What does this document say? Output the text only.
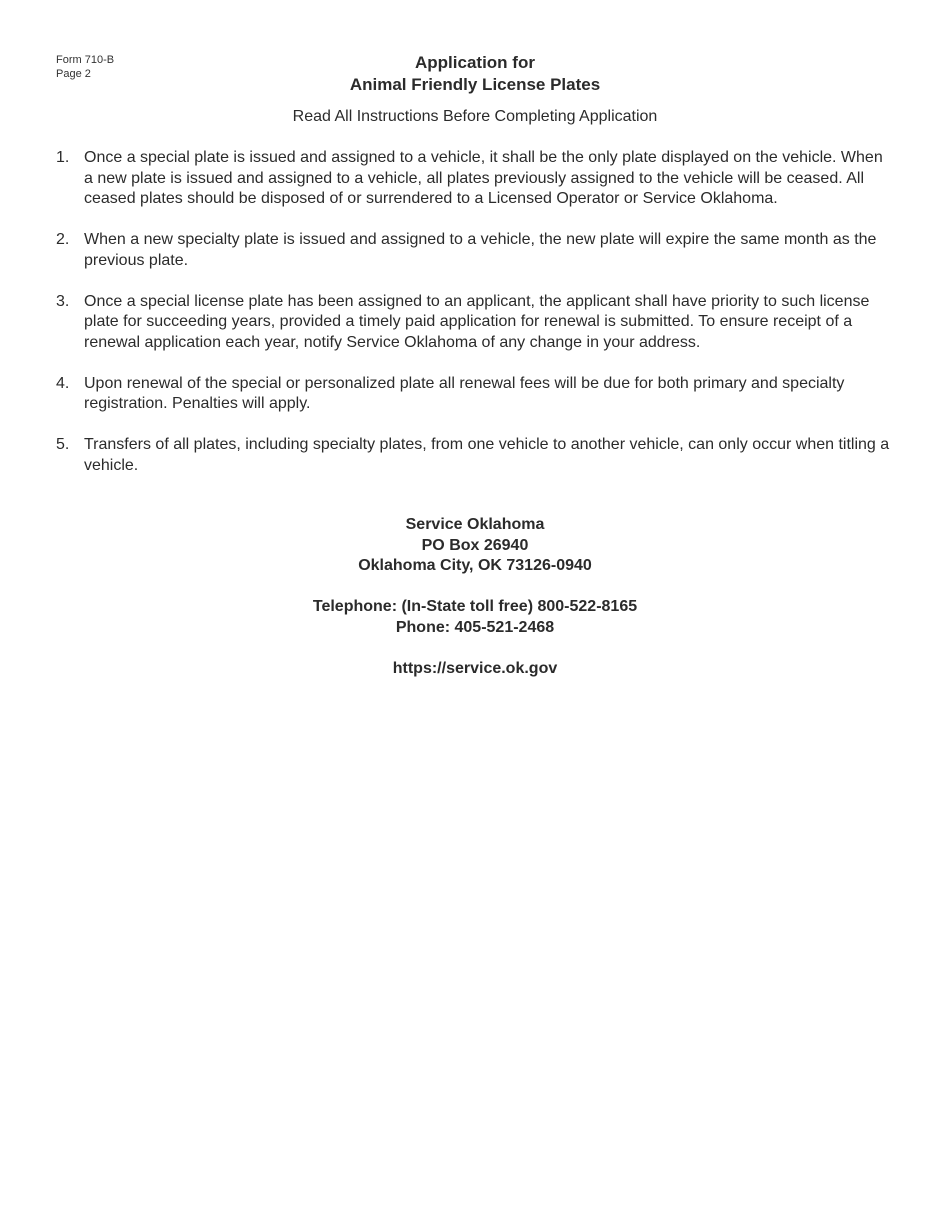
Form 710-B
Page 2
Application for
Animal Friendly License Plates
Read All Instructions Before Completing Application
1. Once a special plate is issued and assigned to a vehicle, it shall be the only plate displayed on the vehicle. When a new plate is issued and assigned to a vehicle, all plates previously assigned to the vehicle will be ceased. All ceased plates should be disposed of or surrendered to a Licensed Operator or Service Oklahoma.
2. When a new specialty plate is issued and assigned to a vehicle, the new plate will expire the same month as the previous plate.
3. Once a special license plate has been assigned to an applicant, the applicant shall have priority to such license plate for succeeding years, provided a timely paid application for renewal is submitted. To ensure receipt of a renewal application each year, notify Service Oklahoma of any change in your address.
4. Upon renewal of the special or personalized plate all renewal fees will be due for both primary and specialty registration. Penalties will apply.
5. Transfers of all plates, including specialty plates, from one vehicle to another vehicle, can only occur when titling a vehicle.
Service Oklahoma
PO Box 26940
Oklahoma City, OK 73126-0940
Telephone: (In-State toll free) 800-522-8165
Phone: 405-521-2468
https://service.ok.gov
